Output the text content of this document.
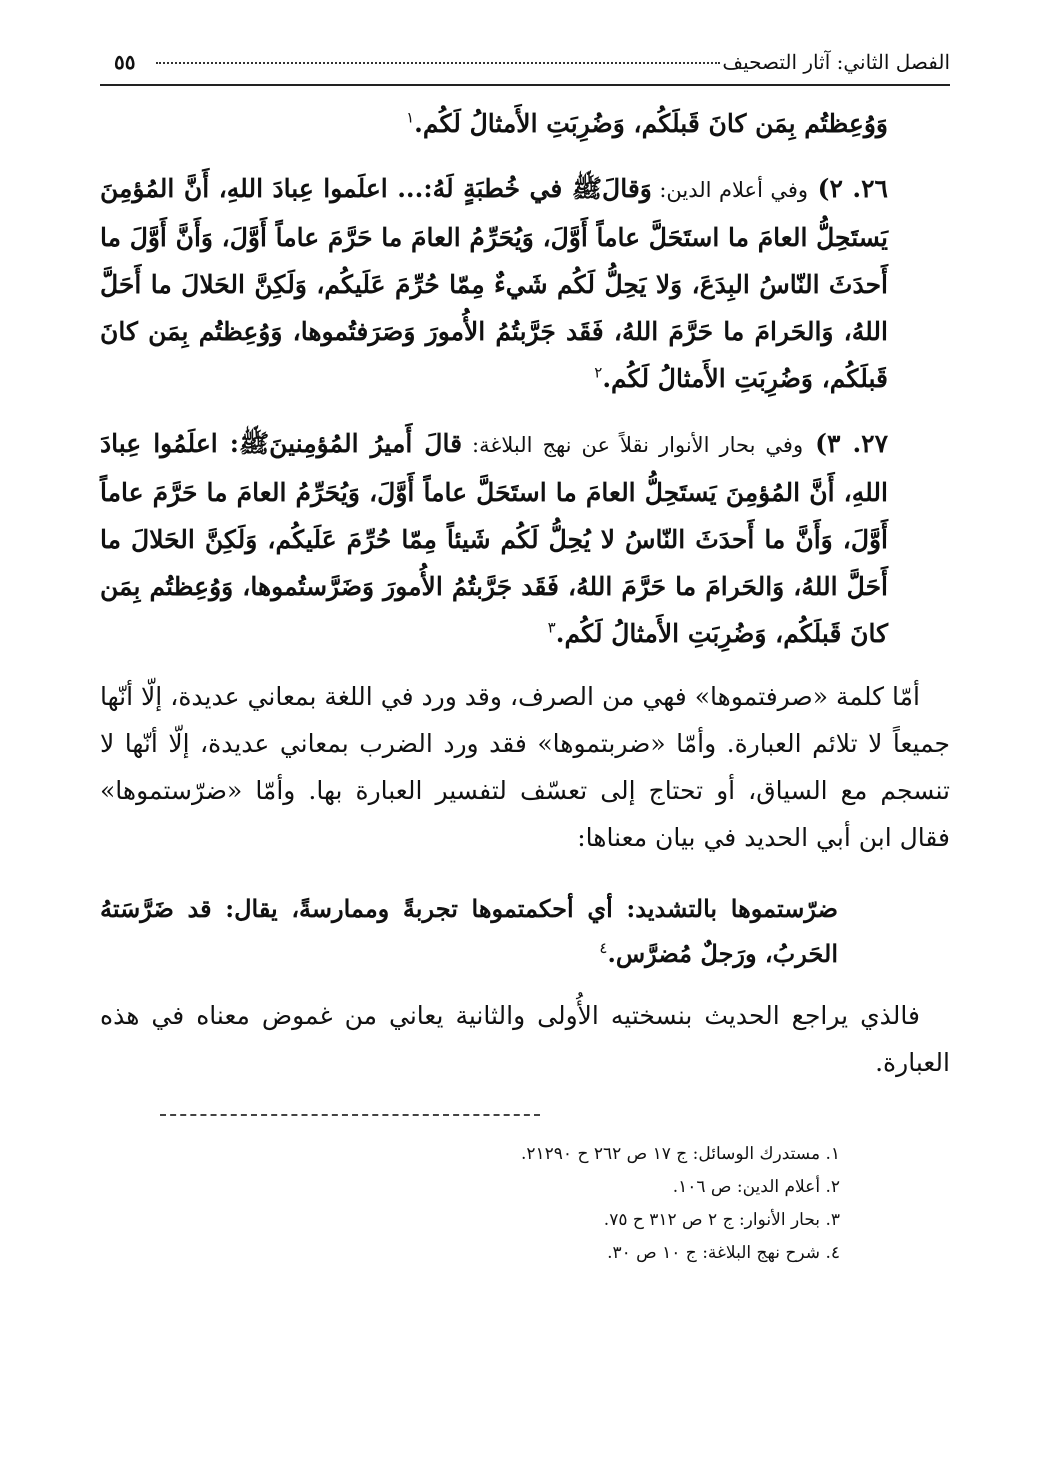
الفصل الثاني: آثار التصحيف
٥٥
وَوُعِظتُم بِمَن كانَ قَبلَكُم، وَضُرِبَتِ الأَمثالُ لَكُم.$^١$
٢٦. ٢) وفي أعلام الدين: وَقالَ‏ﷺ في خُطبَةٍ لَهُ:... اعلَموا عِبادَ اللهِ، أَنَّ المُؤمِنَ يَستَحِلُّ العامَ ما استَحَلَّ عاماً أَوَّلَ، وَيُحَرِّمُ العامَ ما حَرَّمَ عاماً أَوَّلَ، وَأَنَّ أَوَّلَ ما أَحدَثَ النّاسُ البِدَعَ، وَلا يَحِلُّ لَكُم شَيءٌ مِمّا حُرِّمَ عَلَيكُم، وَلَكِنَّ الحَلالَ ما أَحَلَّ اللهُ، وَالحَرامَ ما حَرَّمَ اللهُ، فَقَد جَرَّبتُمُ الأُمورَ وَصَرَفتُموها، وَوُعِظتُم بِمَن كانَ قَبلَكُم، وَضُرِبَتِ الأَمثالُ لَكُم.$^٢$
٢٧. ٣) وفي بحار الأنوار نقلاً عن نهج البلاغة: قالَ أَميرُ المُؤمِنينَ‏ﷺ: اعلَمُوا عِبادَ اللهِ، أَنَّ المُؤمِنَ يَستَحِلُّ العامَ ما استَحَلَّ عاماً أَوَّلَ، وَيُحَرِّمُ العامَ ما حَرَّمَ عاماً أَوَّلَ، وَأَنَّ ما أَحدَثَ النّاسُ لا يُحِلُّ لَكُم شَيئاً مِمّا حُرِّمَ عَلَيكُم، وَلَكِنَّ الحَلالَ ما أَحَلَّ اللهُ، وَالحَرامَ ما حَرَّمَ اللهُ، فَقَد جَرَّبتُمُ الأُمورَ وَضَرَّستُموها، وَوُعِظتُم بِمَن كانَ قَبلَكُم، وَضُرِبَتِ الأَمثالُ لَكُم.$^٣$

أمّا كلمة «صرفتموها» فهي من الصرف، وقد ورد في اللغة بمعاني عديدة، إلّا أنّها جميعاً لا تلائم العبارة. وأمّا «ضربتموها» فقد ورد الضرب بمعاني عديدة، إلّا أنّها لا تنسجم مع السياق، أو تحتاج إلى تعسّف لتفسير العبارة بها. وأمّا «ضرّستموها» فقال ابن أبي الحديد في بيان معناها:

ضرّستموها بالتشديد: أي أحكمتموها تجربةً وممارسةً، يقال: قد ضَرَّسَتهُ الحَربُ، ورَجلٌ مُضرَّس.$^٤$

فالذي يراجع الحديث بنسختيه الأُولى والثانية يعاني من غموض معناه في هذه العبارة.

١. مستدرك الوسائل: ج ١٧ ص ٢٦٢ ح ٢١٢٩٠.
٢. أعلام الدين: ص ١٠٦.
٣. بحار الأنوار: ج ٢ ص ٣١٢ ح ٧٥.
٤. شرح نهج البلاغة: ج ١٠ ص ٣٠.
